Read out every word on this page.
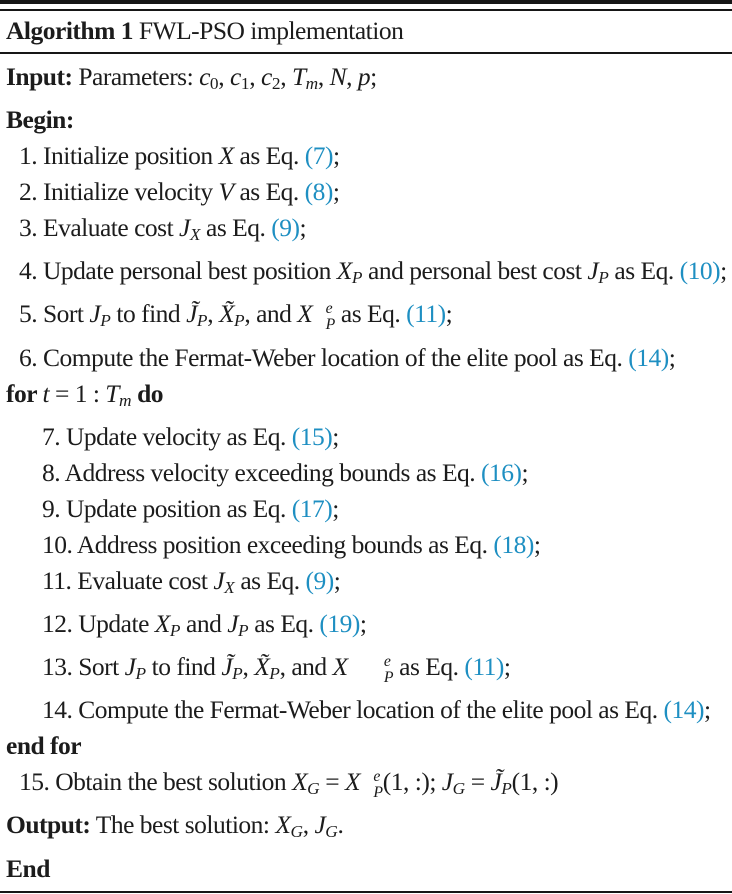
Algorithm 1 FWL-PSO implementation
Input: Parameters: c0, c1, c2, Tm, N, p;
Begin:
1. Initialize position X as Eq. (7);
2. Initialize velocity V as Eq. (8);
3. Evaluate cost JX as Eq. (9);
4. Update personal best position XP and personal best cost JP as Eq. (10);
5. Sort JP to find J̃P, X̃P, and X e
P as Eq. (11);
6. Compute the Fermat-Weber location of the elite pool as Eq. (14);
for t = 1 : Tm do
7. Update velocity as Eq. (15);
8. Address velocity exceeding bounds as Eq. (16);
9. Update position as Eq. (17);
10. Address position exceeding bounds as Eq. (18);
11. Evaluate cost JX as Eq. (9);
12. Update XP and JP as Eq. (19);
13. Sort JP to find J̃P, X̃P, and X	e
P as Eq. (11);
14. Compute the Fermat-Weber location of the elite pool as Eq. (14);
end for
15. Obtain the best solution XG = X e
P (1, :); JG = J̃P(1, :)
Output: The best solution: XG, JG.
End
